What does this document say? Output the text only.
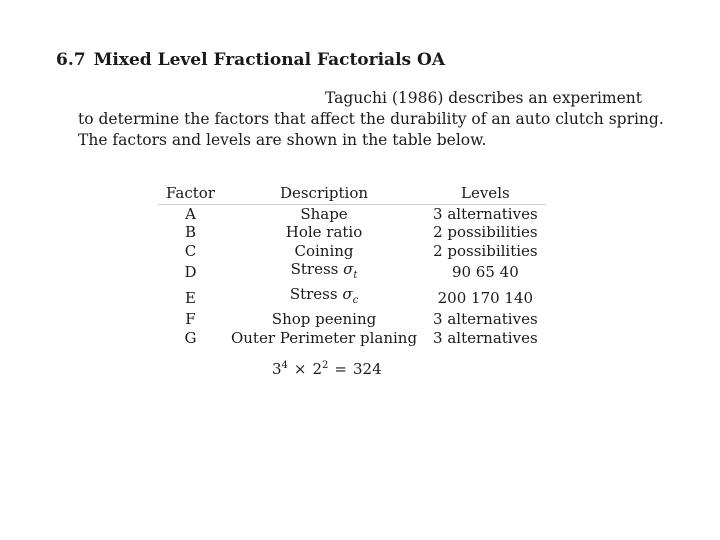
6.7 Mixed Level Fractional Factorials OA
Taguchi (1986) describes an experiment
to determine the factors that affect the durability of an auto clutch spring.
The factors and levels are shown in the table below.
Factor	Description	Levels
A	Shape	3 alternatives
B	Hole ratio	2 possibilities
C	Coining	2 possibilities
D	Stress $\sigma_t$	90 65 40
E	Stress $\sigma_c$	200 170 140
F	Shop peening	3 alternatives
G	Outer Perimeter planing	3 alternatives
$3^4 \times 2^2 = 324$
